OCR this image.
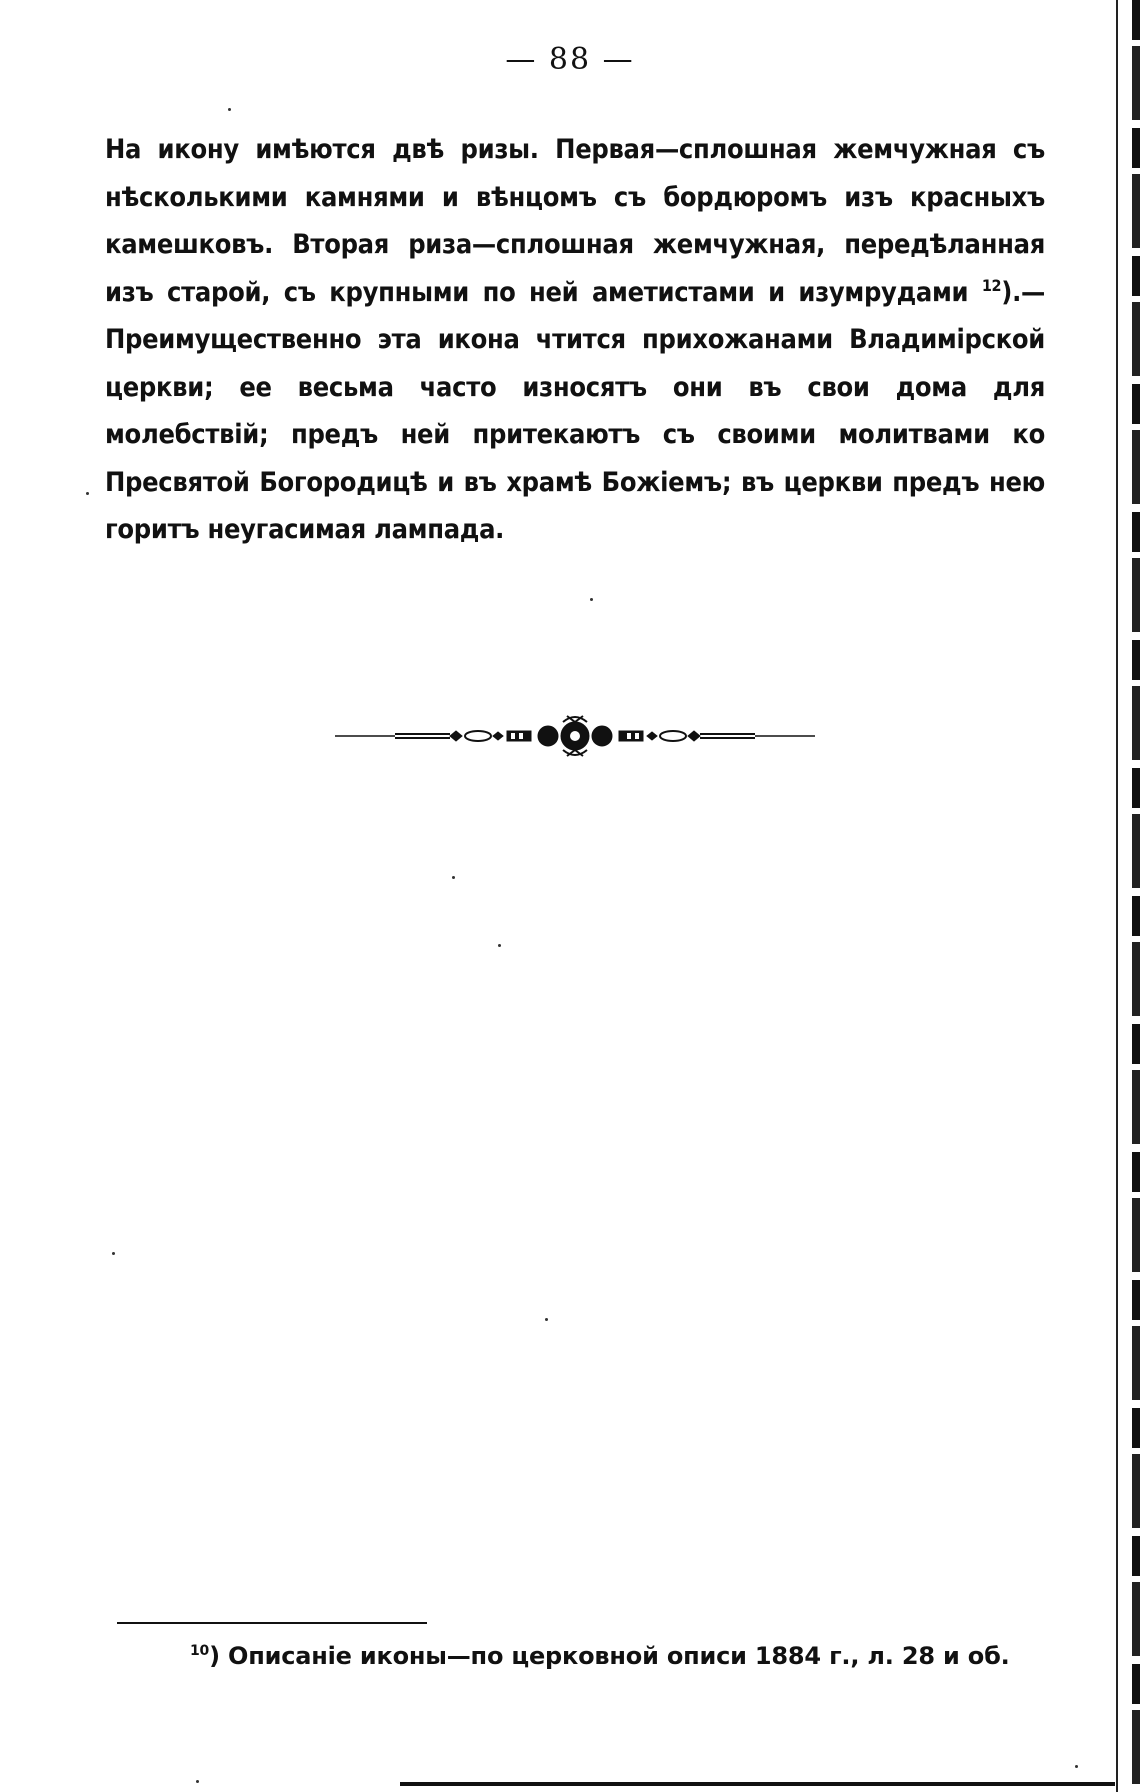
— 88 —
На икону имѣются двѣ ризы. Первая—сплошная жемчужная съ нѣсколькими камнями и вѣнцомъ съ бордюромъ изъ красныхъ камешковъ. Вторая риза—сплошная жемчужная, передѣланная изъ старой, съ крупными по ней аметистами и изумрудами $^{12}$).—Преимущественно эта икона чтится прихожанами Владимірской церкви; ее весьма часто износятъ они въ свои дома для молебствій; предъ ней притекаютъ съ своими молитвами ко Пресвятой Богородицѣ и въ храмѣ Божіемъ; въ церкви предъ нею горитъ неугасимая лампада.
$^{10}$) Описаніе иконы—по церковной описи 1884 г., л. 28 и об.
